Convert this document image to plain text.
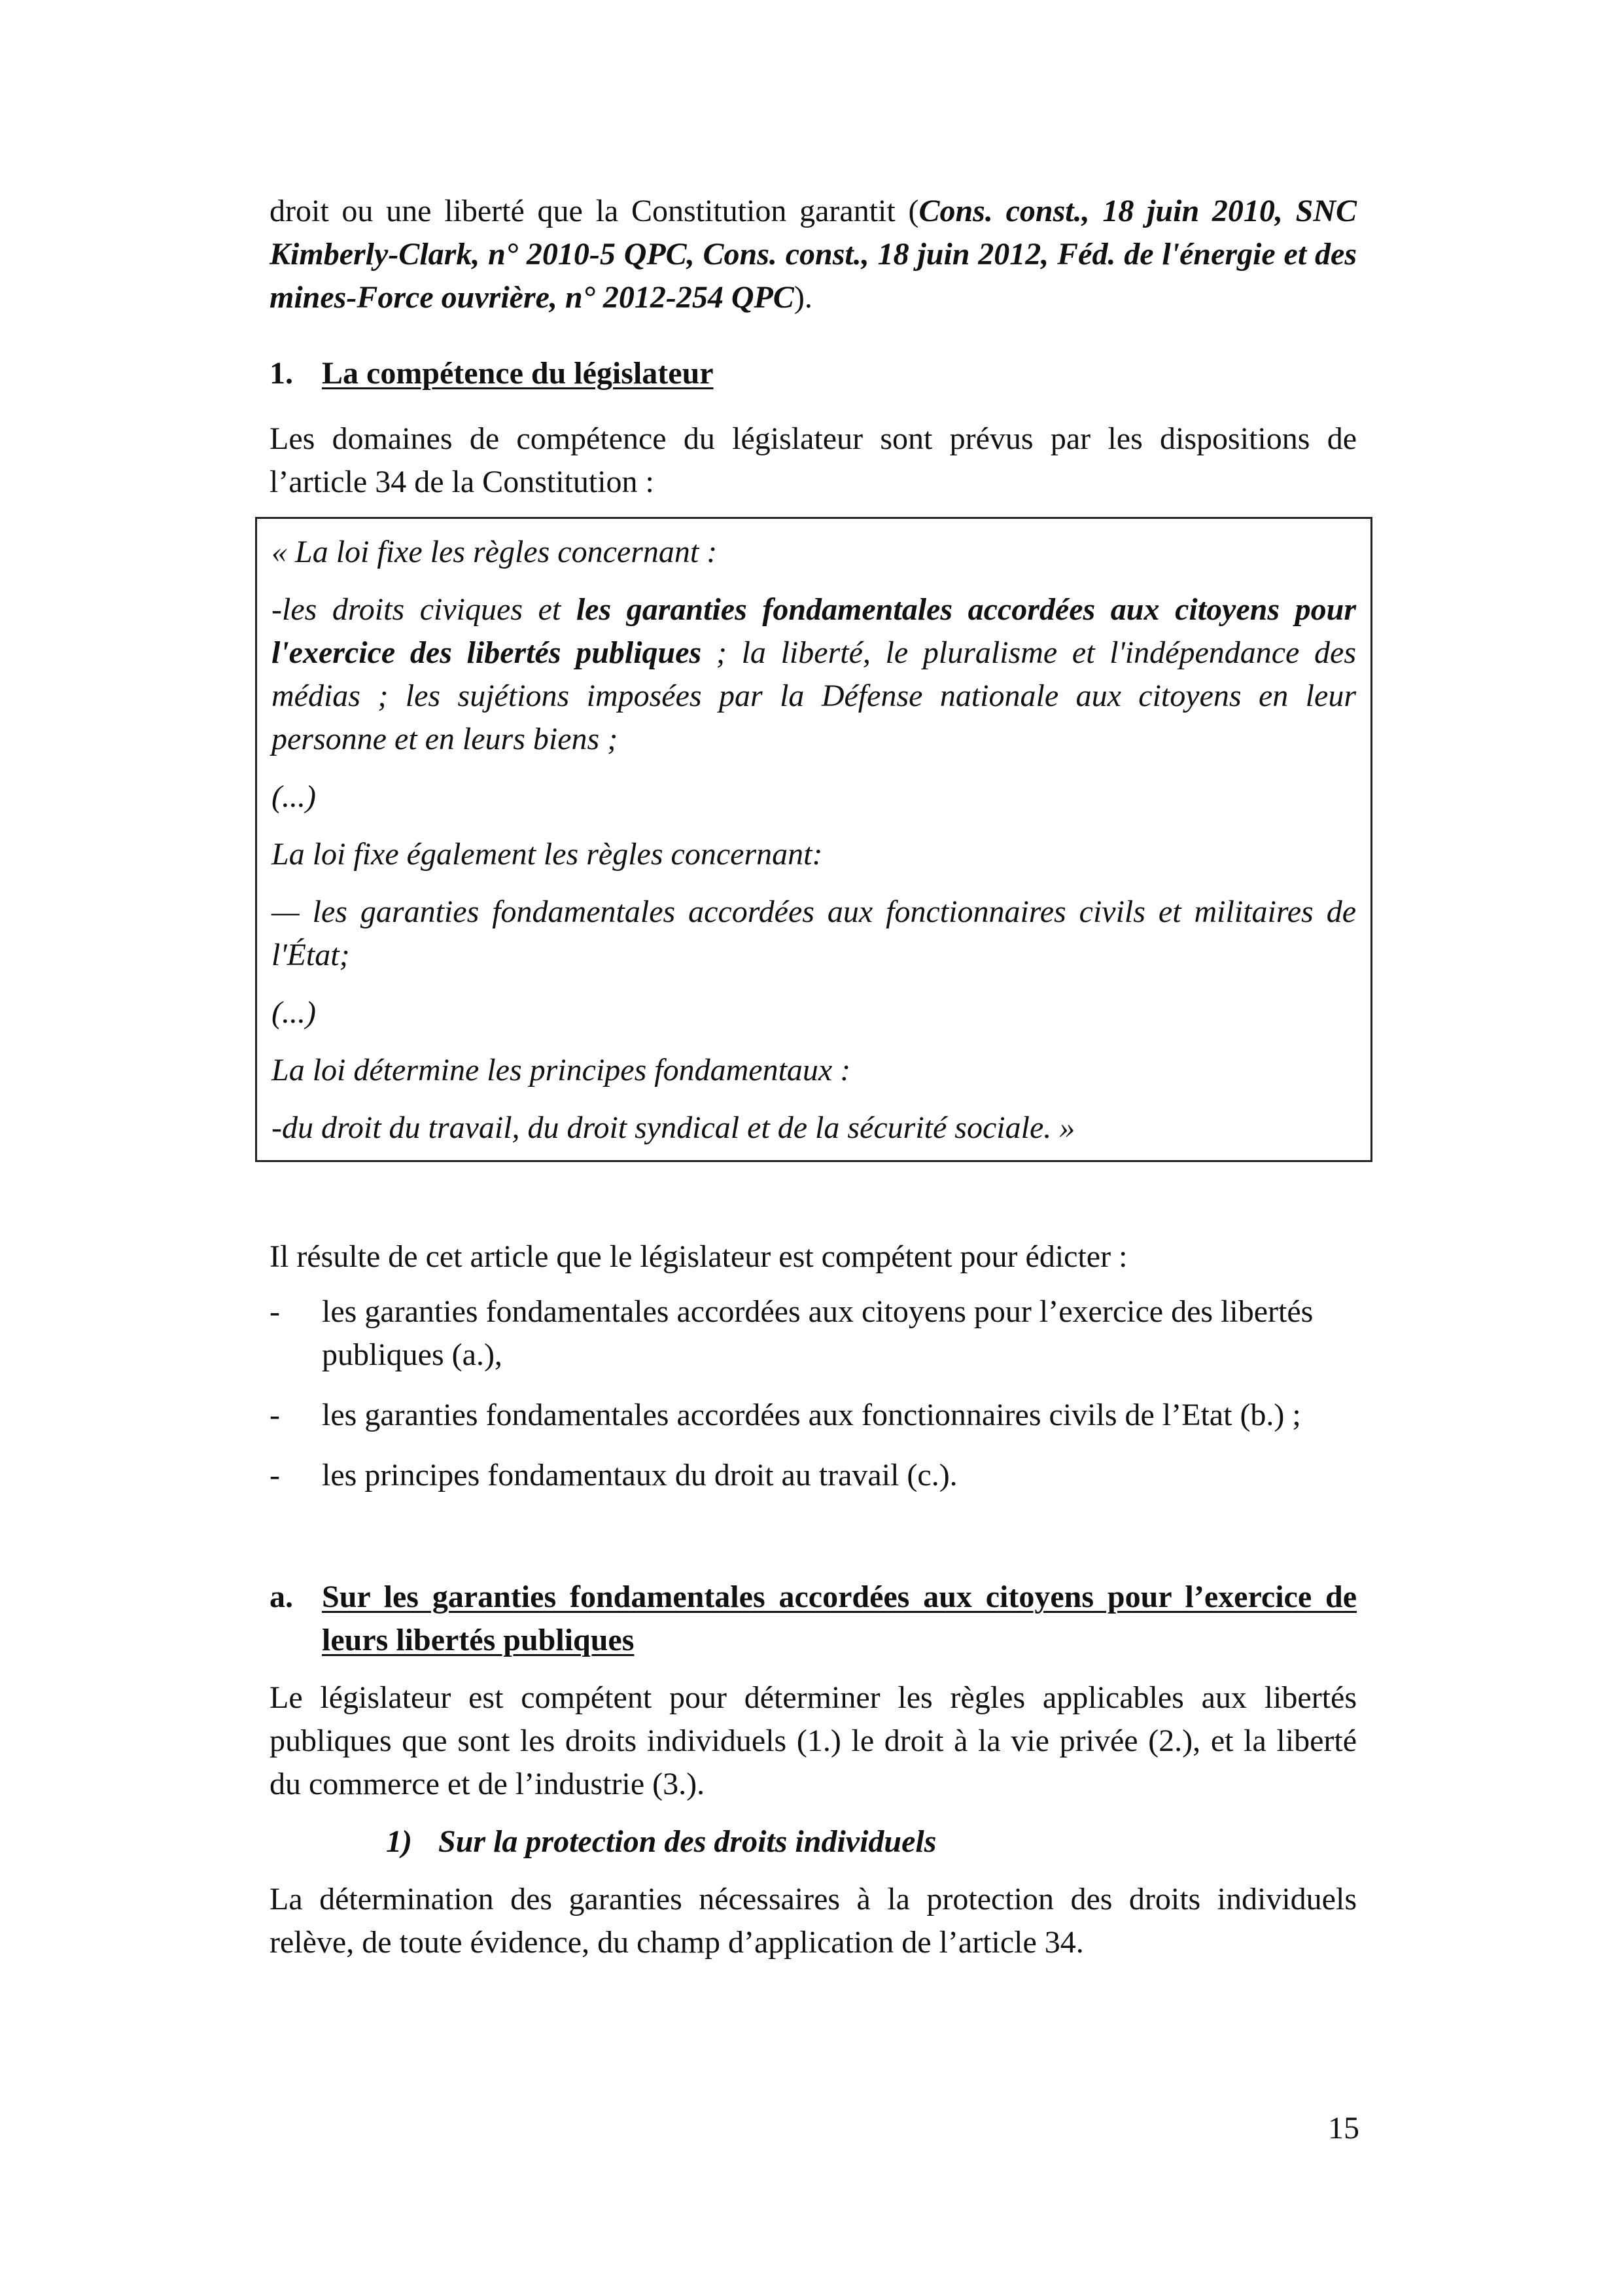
droit ou une liberté que la Constitution garantit (Cons. const., 18 juin 2010, SNC Kimberly-Clark, n° 2010-5 QPC, Cons. const., 18 juin 2012, Féd. de l'énergie et des mines-Force ouvrière, n° 2012-254 QPC).

1. La compétence du législateur

Les domaines de compétence du législateur sont prévus par les dispositions de l’article 34 de la Constitution :

« La loi fixe les règles concernant :

-les droits civiques et les garanties fondamentales accordées aux citoyens pour l'exercice des libertés publiques ; la liberté, le pluralisme et l'indépendance des médias ; les sujétions imposées par la Défense nationale aux citoyens en leur personne et en leurs biens ;

(...)

La loi fixe également les règles concernant:

— les garanties fondamentales accordées aux fonctionnaires civils et militaires de l'État;

(...)

La loi détermine les principes fondamentaux :

-du droit du travail, du droit syndical et de la sécurité sociale. »

Il résulte de cet article que le législateur est compétent pour édicter :

- les garanties fondamentales accordées aux citoyens pour l’exercice des libertés publiques (a.),
- les garanties fondamentales accordées aux fonctionnaires civils de l’Etat (b.) ;
- les principes fondamentaux du droit au travail (c.).

a. Sur les garanties fondamentales accordées aux citoyens pour l’exercice de leurs libertés publiques

Le législateur est compétent pour déterminer les règles applicables aux libertés publiques que sont les droits individuels (1.) le droit à la vie privée (2.), et la liberté du commerce et de l’industrie (3.).

1) Sur la protection des droits individuels

La détermination des garanties nécessaires à la protection des droits individuels relève, de toute évidence, du champ d’application de l’article 34.

15
